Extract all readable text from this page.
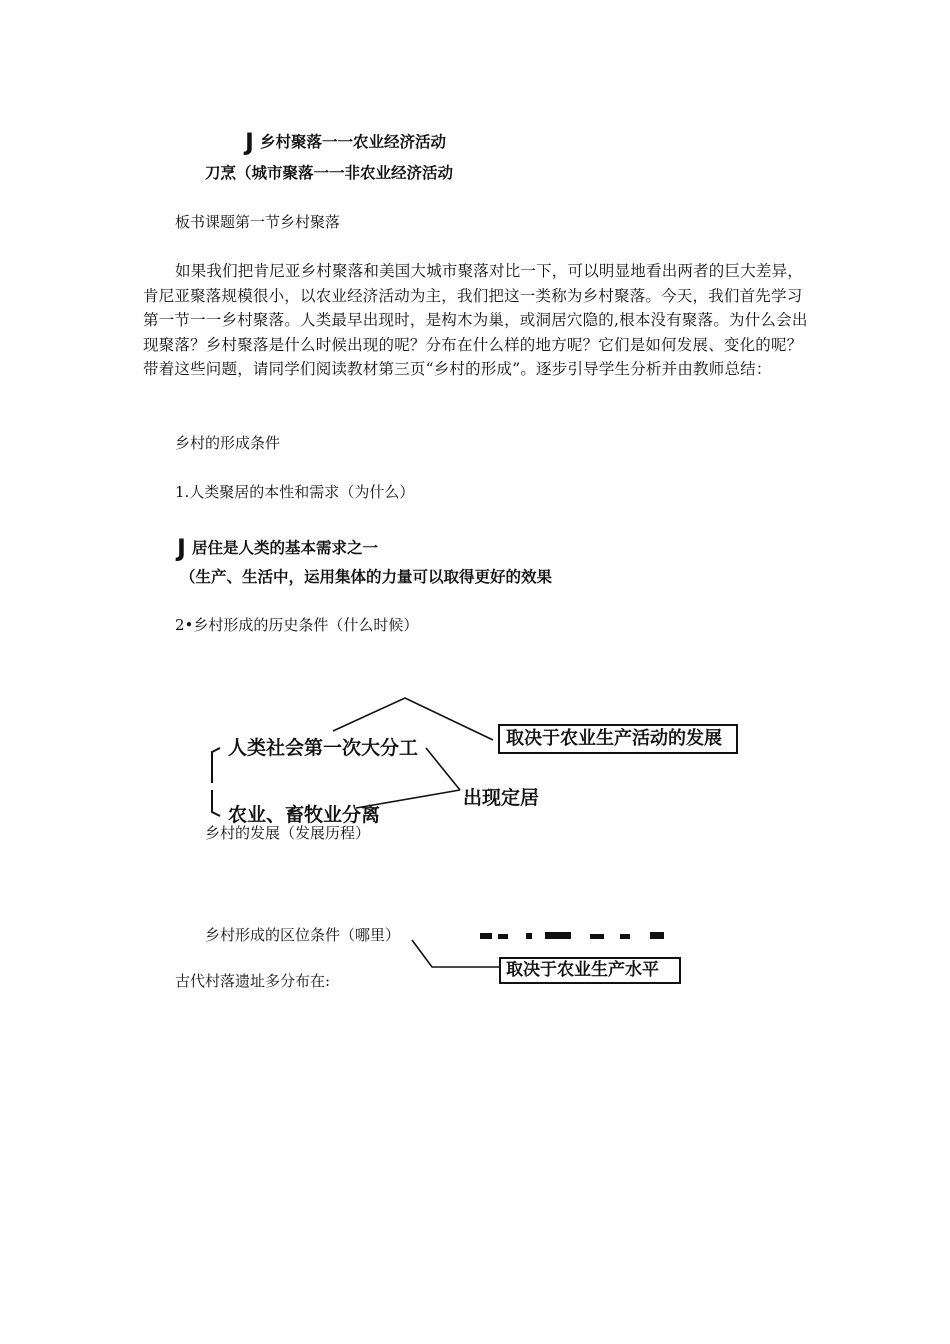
J乡村聚落一一农业经济活动
刀烹（城市聚落一一非农业经济活动
板书课题第一节乡村聚落
如果我们把肯尼亚乡村聚落和美国大城市聚落对比一下，可以明显地看出两者的巨大差异，肯尼亚聚落规模很小，以农业经济活动为主，我们把这一类称为乡村聚落。今天，我们首先学习第一节一一乡村聚落。人类最早出现时，是构木为巢，或洞居穴隐的,根本没有聚落。为什么会出现聚落？乡村聚落是什么时候出现的呢？分布在什么样的地方呢？它们是如何发展、变化的呢？带着这些问题，请同学们阅读教材第三页“乡村的形成”。逐步引导学生分析并由教师总结：
乡村的形成条件
1.人类聚居的本性和需求（为什么）
J居住是人类的基本需求之一
（生产、生活中，运用集体的力量可以取得更好的效果
2•乡村形成的历史条件（什么时候）
人类社会第一次大分工
农业、畜牧业分离
出现定居
取决于农业生产活动的发展
乡村的发展（发展历程）
乡村形成的区位条件（哪里）
取决于农业生产水平
古代村落遗址多分布在:
